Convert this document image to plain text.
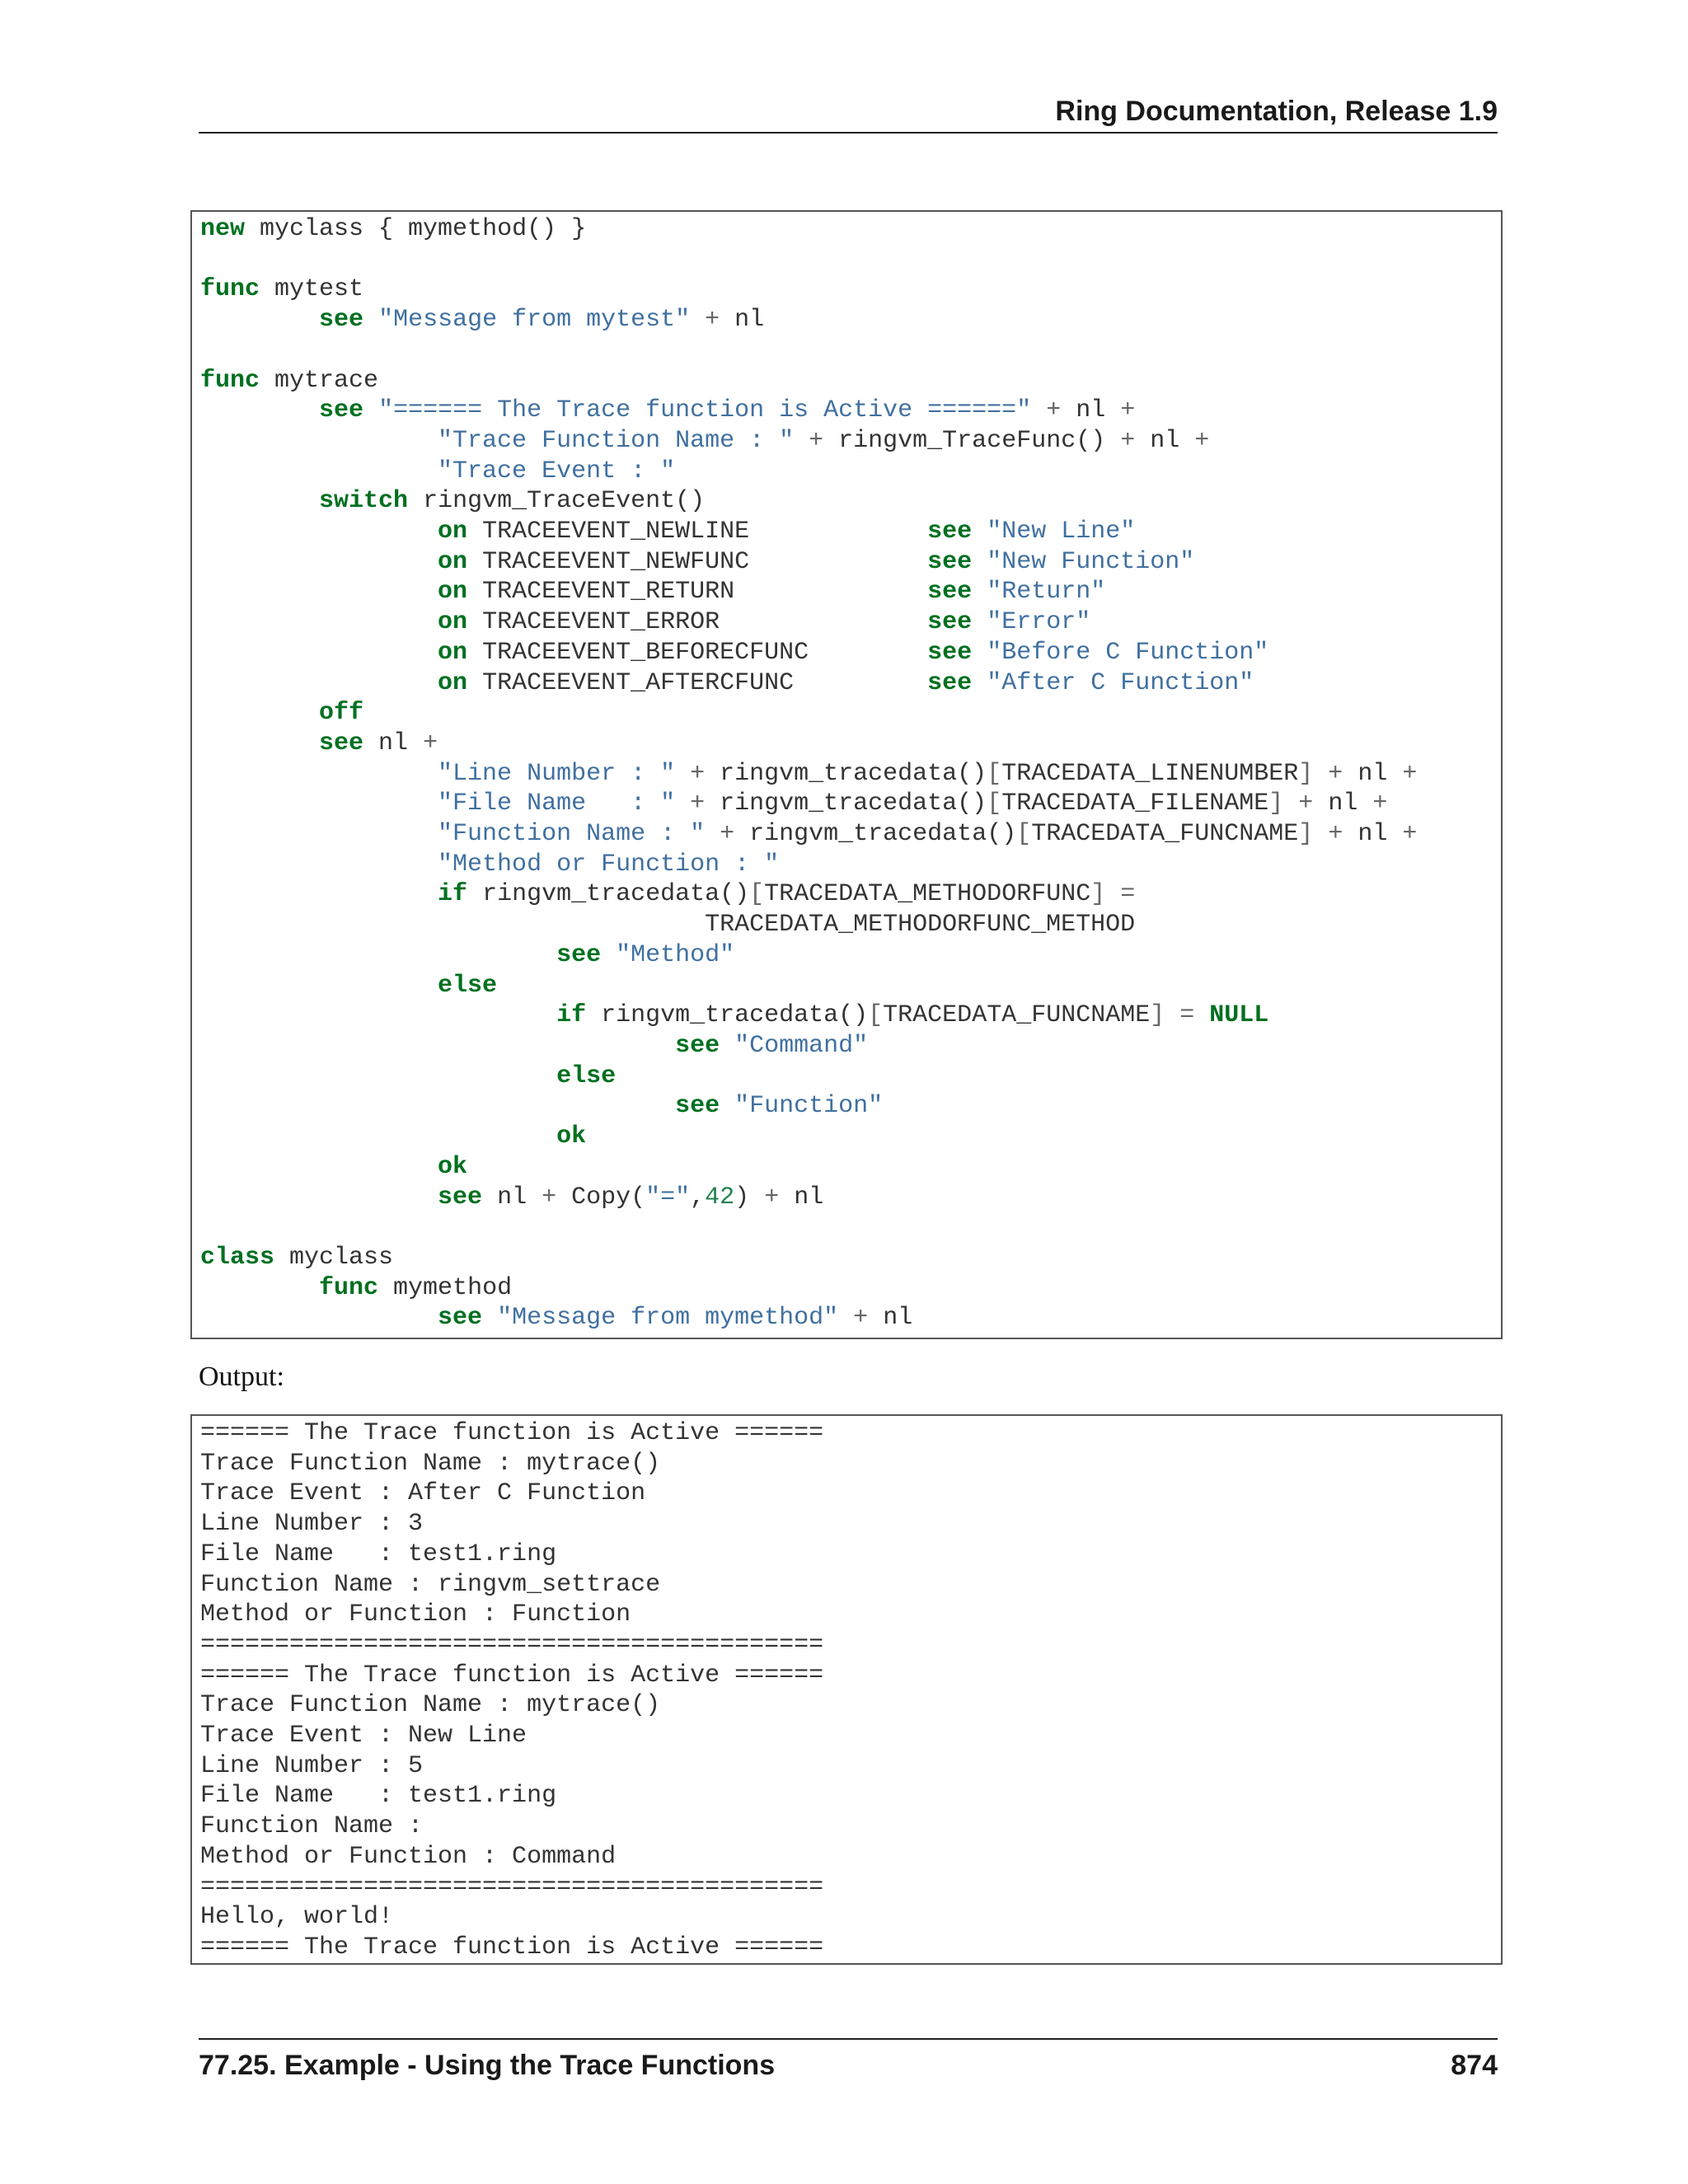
Ring Documentation, Release 1.9
new myclass { mymethod() }

func mytest
see "Message from mytest" + nl

func mytrace
see "====== The Trace function is Active ======" + nl +
"Trace Function Name : " + ringvm_TraceFunc() + nl +
"Trace Event : "
switch ringvm_TraceEvent()
on TRACEEVENT_NEWLINE            see "New Line"
on TRACEEVENT_NEWFUNC            see "New Function"
on TRACEEVENT_RETURN             see "Return"
on TRACEEVENT_ERROR              see "Error"
on TRACEEVENT_BEFORECFUNC        see "Before C Function"
on TRACEEVENT_AFTERCFUNC         see "After C Function"
off
see nl +
"Line Number : " + ringvm_tracedata()[TRACEDATA_LINENUMBER] + nl +
"File Name   : " + ringvm_tracedata()[TRACEDATA_FILENAME] + nl +
"Function Name : " + ringvm_tracedata()[TRACEDATA_FUNCNAME] + nl +
"Method or Function : "
if ringvm_tracedata()[TRACEDATA_METHODORFUNC] =
TRACEDATA_METHODORFUNC_METHOD
see "Method"
else
if ringvm_tracedata()[TRACEDATA_FUNCNAME] = NULL
see "Command"
else
see "Function"
ok
ok
see nl + Copy("=",42) + nl

class myclass
func mymethod
see "Message from mymethod" + nl

Output:
====== The Trace function is Active ======
Trace Function Name : mytrace()
Trace Event : After C Function
Line Number : 3
File Name   : test1.ring
Function Name : ringvm_settrace
Method or Function : Function
==========================================
====== The Trace function is Active ======
Trace Function Name : mytrace()
Trace Event : New Line
Line Number : 5
File Name   : test1.ring
Function Name :
Method or Function : Command
==========================================
Hello, world!
====== The Trace function is Active ======

77.25. Example - Using the Trace Functions	874
